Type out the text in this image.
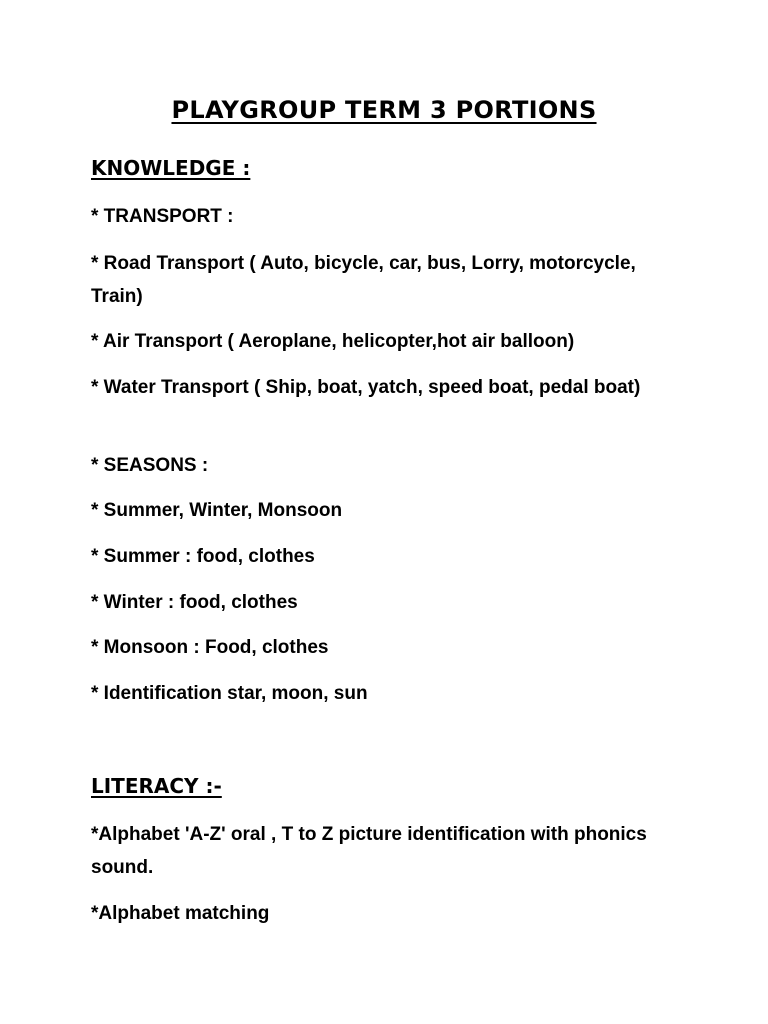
PLAYGROUP TERM 3 PORTIONS
KNOWLEDGE :

* TRANSPORT :

* Road Transport ( Auto, bicycle, car, bus, Lorry, motorcycle, Train)

* Air Transport ( Aeroplane, helicopter,hot air balloon)

* Water Transport ( Ship, boat, yatch, speed boat, pedal boat)

* SEASONS :

* Summer, Winter, Monsoon

* Summer : food, clothes

* Winter : food, clothes

* Monsoon : Food, clothes

* Identification star, moon, sun

LITERACY :-

*Alphabet 'A-Z' oral , T to Z picture identification with phonics sound.

*Alphabet matching
